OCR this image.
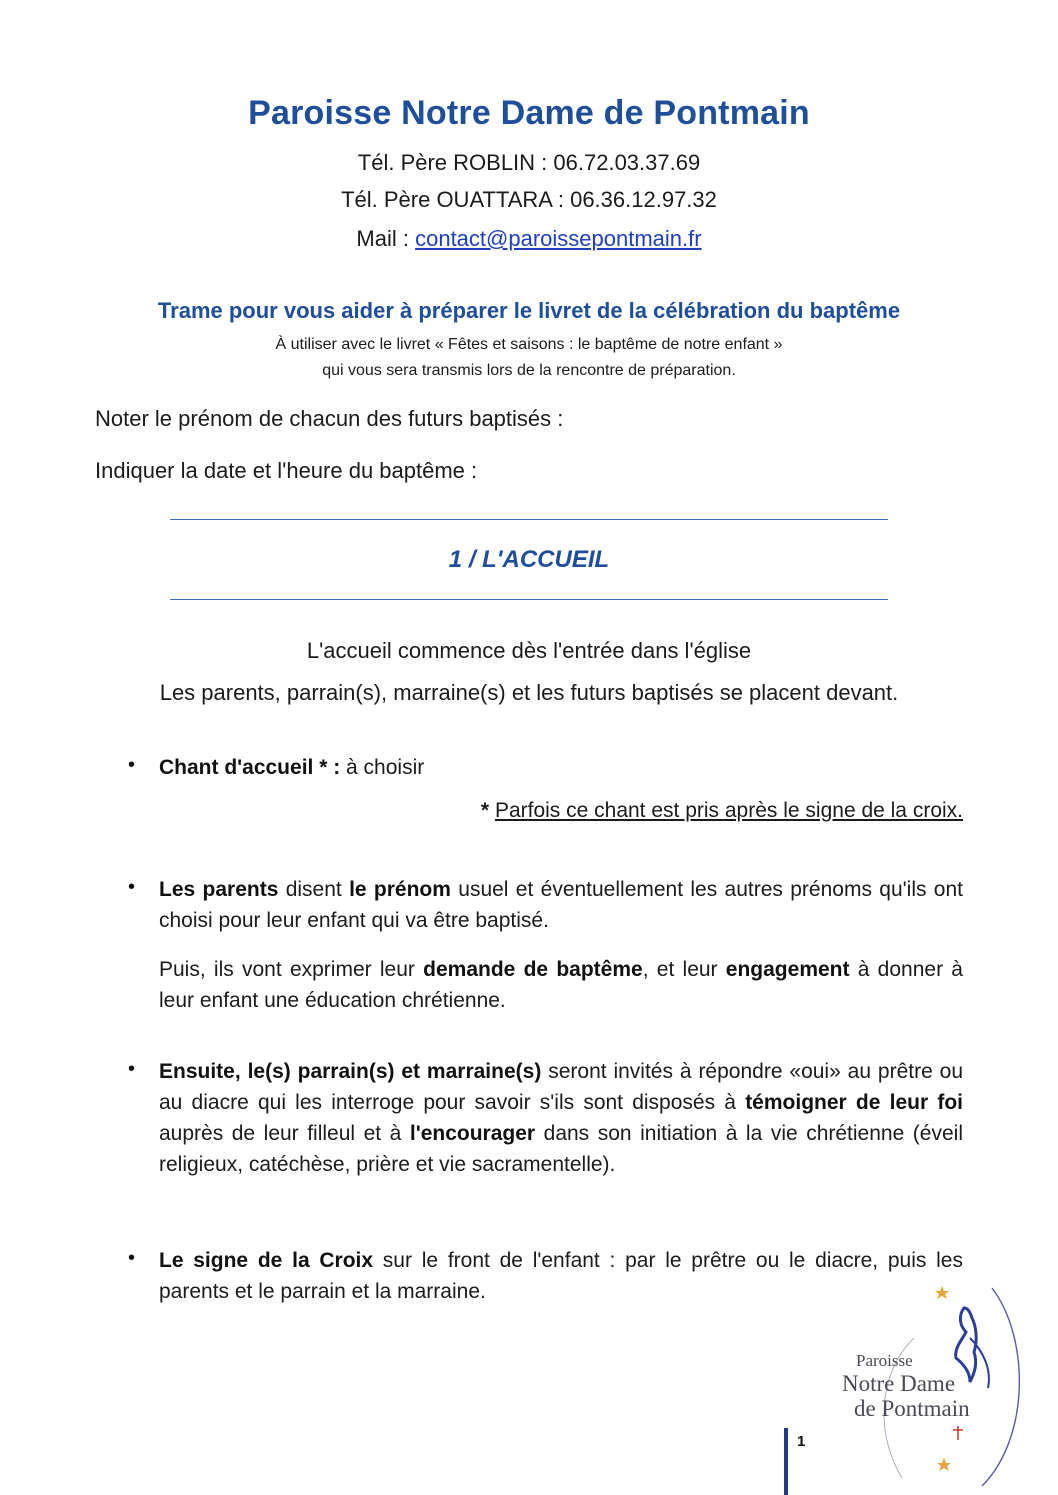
Paroisse Notre Dame de Pontmain
Tél. Père ROBLIN : 06.72.03.37.69
Tél. Père OUATTARA : 06.36.12.97.32
Mail : contact@paroissepontmain.fr
Trame pour vous aider à préparer le livret de la célébration du baptême
À utiliser avec le livret « Fêtes et saisons : le baptême de notre enfant »
qui vous sera transmis lors de la rencontre de préparation.
Noter le prénom de chacun des futurs baptisés :
Indiquer la date et l'heure du baptême :
1 / L'ACCUEIL
L'accueil commence dès l'entrée dans l'église
Les parents, parrain(s), marraine(s) et les futurs baptisés se placent devant.
• Chant d'accueil * : à choisir
* Parfois ce chant est pris après le signe de la croix.
• Les parents disent le prénom usuel et éventuellement les autres prénoms qu'ils ont choisi pour leur enfant qui va être baptisé.
Puis, ils vont exprimer leur demande de baptême, et leur engagement à donner à leur enfant une éducation chrétienne.
• Ensuite, le(s) parrain(s) et marraine(s) seront invités à répondre «oui» au prêtre ou au diacre qui les interroge pour savoir s'ils sont disposés à témoigner de leur foi auprès de leur filleul et à l'encourager dans son initiation à la vie chrétienne (éveil religieux, catéchèse, prière et vie sacramentelle).
• Le signe de la Croix sur le front de l'enfant : par le prêtre ou le diacre, puis les parents et le parrain et la marraine.
1
Paroisse
Notre Dame
de Pontmain
